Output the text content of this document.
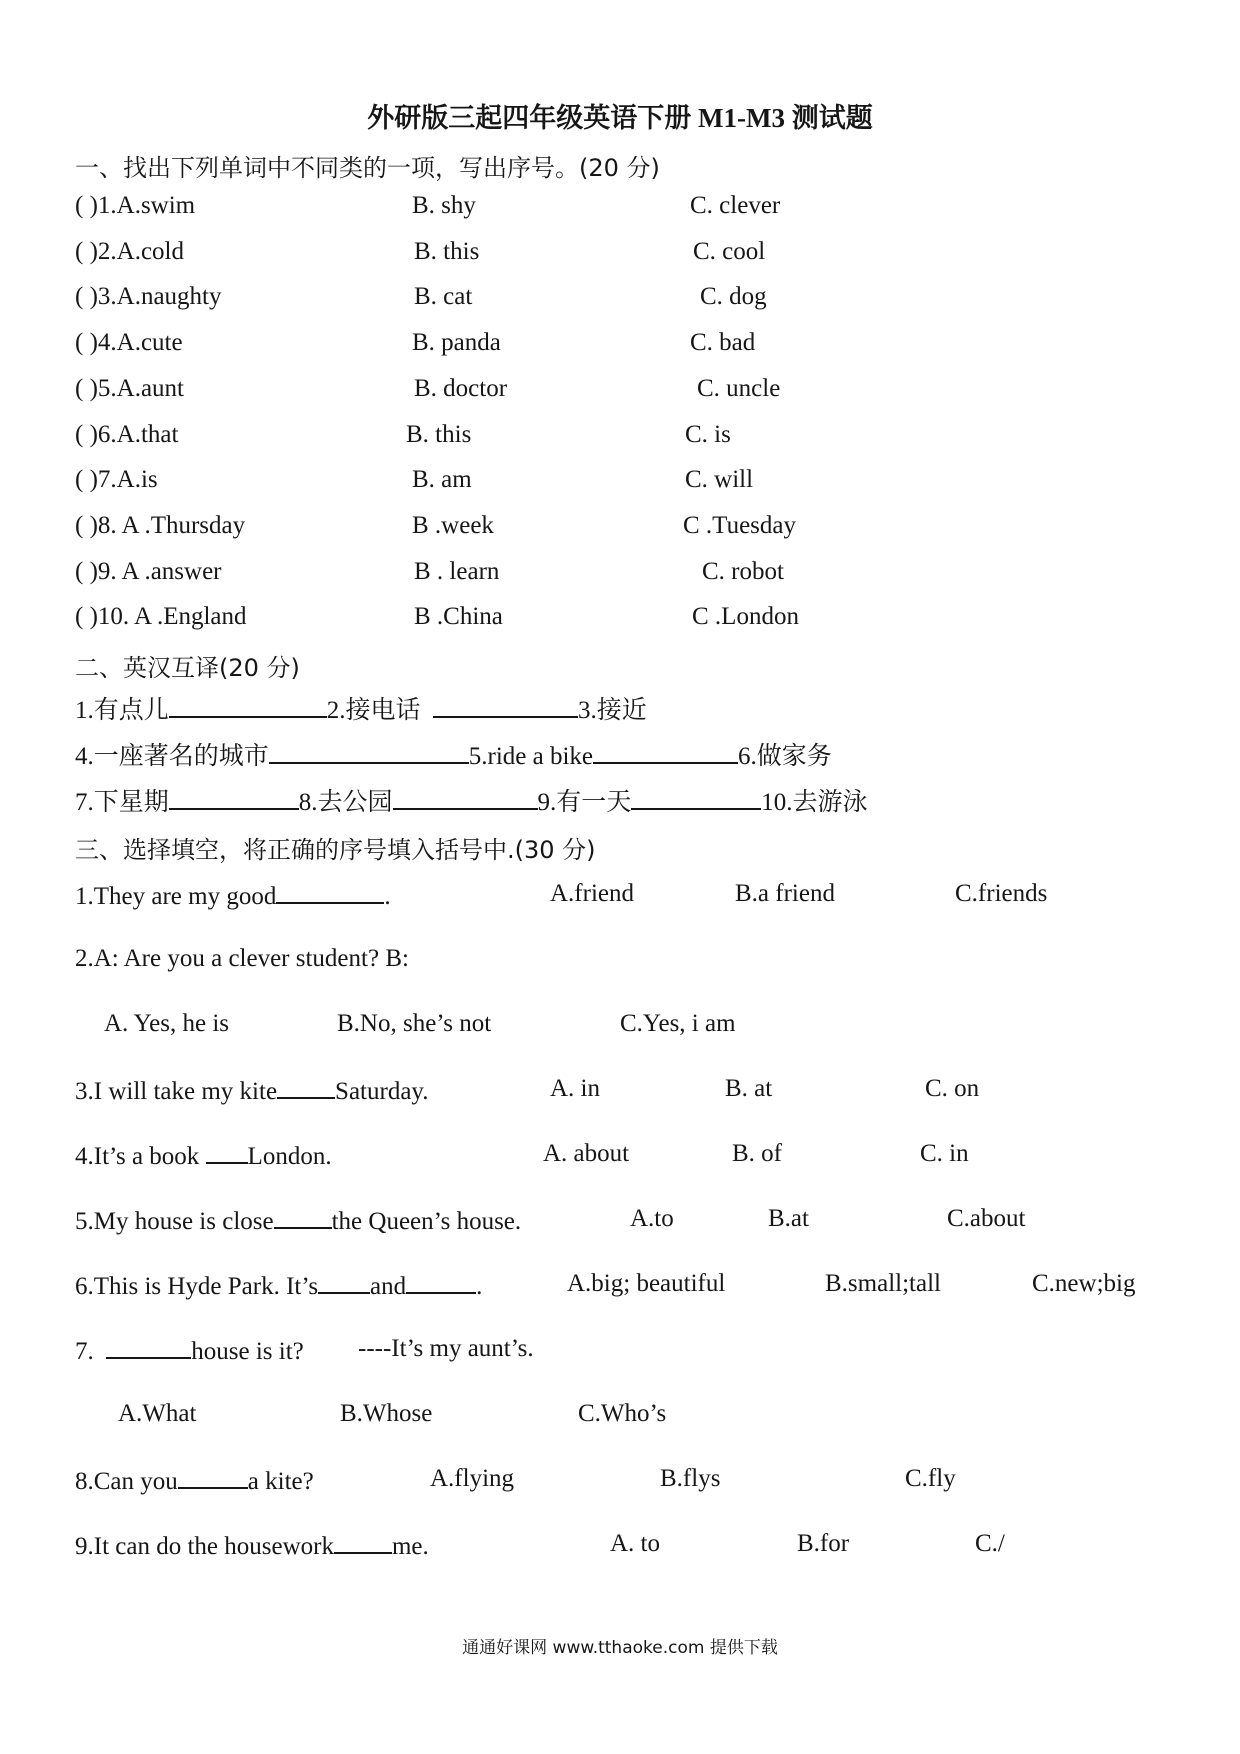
外研版三起四年级英语下册 M1-M3 测试题
一、找出下列单词中不同类的一项，写出序号。(20 分)
( )1.A.swim	B. shy	C. clever
( )2.A.cold	B. this	C. cool
( )3.A.naughty	B. cat	C. dog
( )4.A.cute	B. panda	C. bad
( )5.A.aunt	B. doctor	C. uncle
( )6.A.that	B. this	C. is
( )7.A.is	B. am	C. will
( )8. A .Thursday	B .week	C .Tuesday
( )9. A .answer	B . learn	C. robot
( )10. A .England	B .China	C .London
二、英汉互译(20 分)
1.有点儿	2.接电话	3.接近
4.一座著名的城市	5.ride a bike	6.做家务
7.下星期	8.去公园	9.有一天	10.去游泳
三、选择填空，将正确的序号填入括号中.(30 分)
1.They are my good	.	A.friend	B.a friend	C.friends
2.A: Are you a clever student? B:
A. Yes, he is	B.No, she’s not	C.Yes, i am
3.I will take my kite Saturday.	A. in	B. at	C. on
4.It’s a book London.	A. about	B. of	C. in
5.My house is close the Queen’s house.	A.to	B.at	C.about
6.This is Hyde Park. It’s and	.	A.big; beautiful	B.small;tall	C.new;big
7.	house is it? ----It’s my aunt’s.
A.What	B.Whose	C.Who’s
8.Can you	a kite?	A.flying	B.flys	C.fly
9.It can do the housework me.	A. to	B.for	C./
通通好课网 www.tthaoke.com 提供下载
